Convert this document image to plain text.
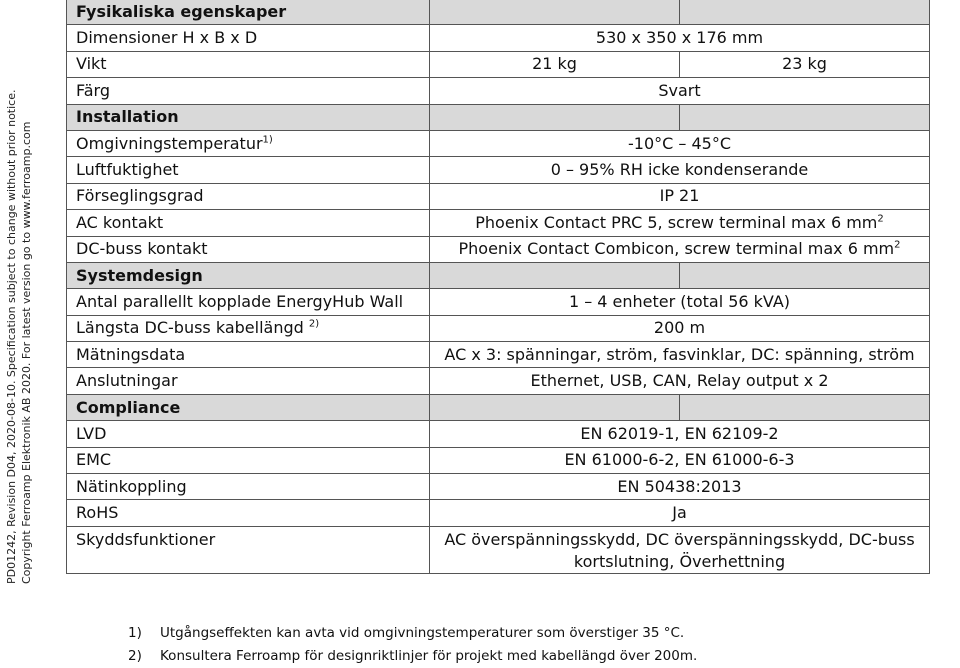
PD01242, Revision D04, 2020-08-10. Specification subject to change without prior notice. Copyright Ferroamp Elektronik AB 2020. For latest version go to www.ferroamp.com
Fysikaliska egenskaper		
Dimensioner H x B x D	530 x 350 x 176 mm	
Vikt	21 kg	23 kg
Färg	Svart	
Installation		
Omgivningstemperatur$^{1)}$	-10°C – 45°C	
Luftfuktighet	0 – 95% RH icke kondenserande	
Förseglingsgrad	IP 21	
AC kontakt	Phoenix Contact PRC 5, screw terminal max 6 $mm^2$
DC-buss kontakt	Phoenix Contact Combicon, screw terminal max 6 $mm^2$
Systemdesign		
Antal parallellt kopplade EnergyHub Wall	1 – 4 enheter (total 56 kVA)	
Längsta DC-buss kabellängd $^{2)}$	200 m	
Mätningsdata	AC x 3: spänningar, ström, fasvinklar, DC: spänning, ström	
Anslutningar	Ethernet, USB, CAN, Relay output x 2	
Compliance		
LVD	EN 62019-1, EN 62109-2	
EMC	EN 61000-6-2, EN 61000-6-3	
Nätinkoppling	EN 50438:2013	
RoHS	Ja	
Skyddsfunktioner	AC överspänningsskydd, DC överspänningsskydd, DC-buss kortslutning, Överhettning	
1)	Utgångseffekten kan avta vid omgivningstemperaturer som överstiger 35 °C.
2)	Konsultera Ferroamp för designriktlinjer för projekt med kabellängd över 200m.
